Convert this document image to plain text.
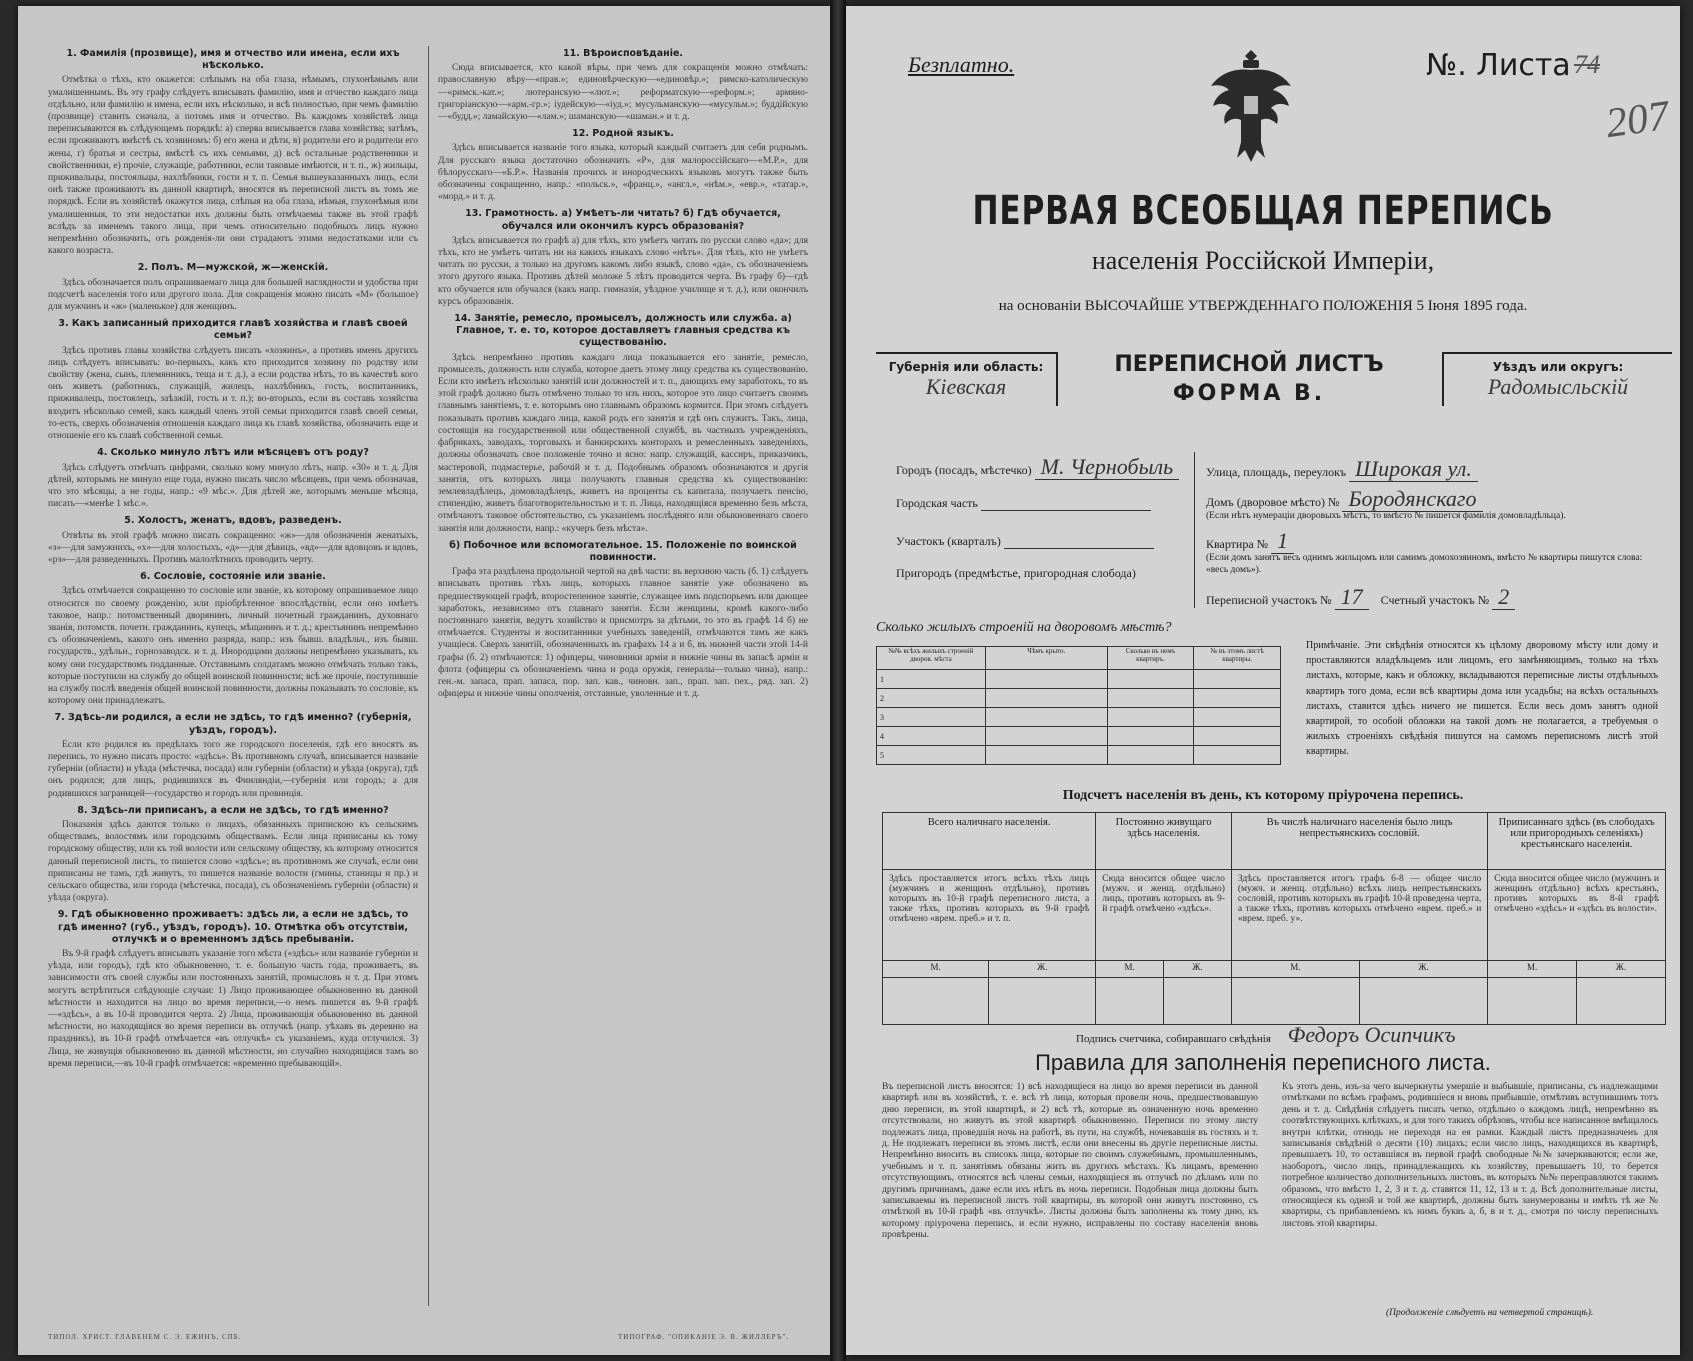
1. Фамилія (прозвище), имя и отчество или имена, если ихъ нѣсколько.

Отмѣтка о тѣхъ, кто окажется: слѣпымъ на оба глаза, нѣмымъ, глухонѣмымъ или умалишеннымъ. Въ эту графу слѣдуетъ вписывать фамилію, имя и отчество каждаго лица отдѣльно, или фамилію и имена, если ихъ нѣсколько, и всѣ полностью, при чемъ фамилію (прозвище) ставить сначала, а потомъ имя и отчество. Въ каждомъ хозяйствѣ лица переписываются въ слѣдующемъ порядкѣ: а) сперва вписывается глава хозяйства; затѣмъ, если проживаютъ вмѣстѣ съ хозяиномъ: б) его жена и дѣти, в) родители его и родители его жены, г) братья и сестры, вмѣстѣ съ ихъ семьями, д) всѣ остальные родственники и свойственники, е) прочіе, служащіе, работники, если таковые имѣются, и т. п., ж) жильцы, приживальцы, постояльцы, нахлѣбники, гости и т. п. Семья вышеуказанныхъ лицъ, если онѣ также проживаютъ въ данной квартирѣ, вносятся въ переписной листъ въ томъ же порядкѣ. Если въ хозяйствѣ окажутся лица, слѣпыя на оба глаза, нѣмыя, глухонѣмыя или умалишенныя, то эти недостатки ихъ должны быть отмѣчаемы также въ этой графѣ вслѣдъ за именемъ такого лица, при чемъ относительно подобныхъ лицъ нужно непремѣнно обозначить, отъ рожденія-ли они страдаютъ этими недостатками или съ какого возраста.

2. Полъ. М—мужской, ж—женскій.

Здѣсь обозначается полъ опрашиваемаго лица для большей наглядности и удобства при подсчетѣ населенія того или другого пола. Для сокращенія можно писать «М» (большое) для мужчинъ и «ж» (маленькое) для женщинъ.

3. Какъ записанный приходится главѣ хозяйства и главѣ своей семьи?

Здѣсь противъ главы хозяйства слѣдуетъ писать «хозяинъ», а противъ именъ другихъ лицъ слѣдуетъ вписывать: во-первыхъ, какъ кто приходится хозяину по родству или свойству (жена, сынъ, племянникъ, теща и т. д.), а если родства нѣтъ, то въ качествѣ кого онъ живетъ (работникъ, служащій, жилецъ, нахлѣбникъ, гость, воспитанникъ, приживалецъ, постоялецъ, заѣзжій, гость и т. п.); во-вторыхъ, если въ составъ хозяйства входитъ нѣсколько семей, какъ каждый членъ этой семьи приходится главѣ своей семьи, то-есть, сверхъ обозначенія отношенія каждаго лица къ главѣ хозяйства, обозначить еще и отношеніе его къ главѣ собственной семьи.

4. Сколько минуло лѣтъ или мѣсяцевъ отъ роду?

Здѣсь слѣдуетъ отмѣчать цифрами, сколько кому минуло лѣтъ, напр. «30» и т. д. Для дѣтей, которымъ не минуло еще года, нужно писать число мѣсяцевъ, при чемъ обозначая, что это мѣсяцы, а не годы, напр.: «9 мѣс.». Для дѣтей же, которымъ меньше мѣсяца, писать—«менѣе 1 мѣс.».

5. Холостъ, женатъ, вдовъ, разведенъ.

Отвѣты въ этой графѣ можно писать сокращенно: «ж»—для обозначенія женатыхъ, «з»—для замужнихъ, «х»—для холостыхъ, «д»—для дѣвицъ, «вд»—для вдовцовъ и вдовъ, «рз»—для разведенныхъ. Противъ малолѣтнихъ проводить черту.

6. Сословіе, состояніе или званіе.

Здѣсь отмѣчается сокращенно то сословіе или званіе, къ которому опрашиваемое лицо относится по своему рожденію, или пріобрѣтенное впослѣдствіи, если оно имѣетъ таковое, напр.: потомственный дворянинъ, личный почетный гражданинъ, духовнаго званія, потомств. почетн. гражданинъ, купецъ, мѣщанинъ и т. д.; крестьянинъ непремѣнно съ обозначеніемъ, какого онъ именно разряда, напр.: изъ бывш. владѣльч., изъ бывш. государств., удѣльн., горнозаводск. и т. д. Инородцами должны непремѣнно указывать, къ кому они государствомъ подданные. Отставнымъ солдатамъ можно отмѣчать только такъ, которые поступили на службу до общей воинской повинности; всѣ же прочіе, поступившіе на службу послѣ введенія общей воинской повинности, должны показывать то сословіе, къ которому они принадлежатъ.

7. Здѣсь-ли родился, а если не здѣсь, то гдѣ именно? (губернія, уѣздъ, городъ).

Если кто родился въ предѣлахъ того же городского поселенія, гдѣ его вносятъ въ перепись, то нужно писать просто: «здѣсь». Въ противномъ случаѣ, вписывается названіе губерніи (области) и уѣзда (мѣстечка, посада) или губерніи (области) и уѣзда (округа), гдѣ онъ родился; для лицъ, родившихся въ Финляндіи,—губернія или городъ; а для родившихся заграницей—государство и городъ или провинція.

8. Здѣсь-ли приписанъ, а если не здѣсь, то гдѣ именно?

Показанія здѣсь даются только о лицахъ, обязанныхъ припискою къ сельскимъ обществамъ, волостямъ или городскимъ обществамъ. Если лица приписаны къ тому городскому обществу, или къ той волости или сельскому обществу, къ которому относится данный переписной листъ, то пишется слово «здѣсь»; въ противномъ же случаѣ, если они приписаны не тамъ, гдѣ живутъ, то пишется названіе волости (гмины, станицы и пр.) и сельскаго общества, или города (мѣстечка, посада), съ обозначеніемъ губерніи (области) и уѣзда (округа).

9. Гдѣ обыкновенно проживаетъ: здѣсь ли, а если не здѣсь, то гдѣ именно? (губ., уѣздъ, городъ). 10. Отмѣтка объ отсутствіи, отлучкѣ и о временномъ здѣсь пребываніи.

Въ 9-й графѣ слѣдуетъ вписывать указаніе того мѣста («здѣсь» или названіе губерніи и уѣзда, или городъ), гдѣ кто обыкновенно, т. е. большую часть года, проживаетъ, въ зависимости отъ своей службы или постоянныхъ занятій, промысловъ и т. д. При этомъ могутъ встрѣтиться слѣдующіе случаи: 1) Лицо проживающее обыкновенно въ данной мѣстности и находится на лицо во время переписи,—о немъ пишется въ 9-й графѣ—«здѣсь», а въ 10-й проводится черта. 2) Лица, проживающія обыкновенно въ данной мѣстности, но находящіяся во время переписи въ отлучкѣ (напр. уѣхавъ въ деревню на праздникъ), въ 10-й графѣ отмѣчается «въ отлучкѣ» съ указаніемъ, куда отлучился. 3) Лица, не живущія обыкновенно въ данной мѣстности, но случайно находящіяся тамъ во время переписи,—въ 10-й графѣ отмѣчается: «временно пребывающій».

11. Вѣроисповѣданіе.

Сюда вписывается, кто какой вѣры, при чемъ для сокращенія можно отмѣчать: православную вѣру—«прав.»; единовѣрческую—«единовѣр.»; римско-католическую—«римск.-кат.»; лютеранскую—«лют.»; реформатскую—«реформ.»; армяно-григоріанскую—«арм.-гр.»; іудейскую—«іуд.»; мусульманскую—«мусульм.»; буддійскую—«будд.»; ламайскую—«лам.»; шаманскую—«шаман.» и т. д.

12. Родной языкъ.

Здѣсь вписывается названіе того языка, который каждый считаетъ для себя роднымъ. Для русскаго языка достаточно обозначить «Р», для малороссійскаго—«М.Р.», для бѣлорусскаго—«Б.Р.». Названія прочихъ и инородческихъ языковъ могутъ также быть обозначены сокращенно, напр.: «польск.», «франц.», «англ.», «нѣм.», «евр.», «татар.», «морд.» и т. д.

13. Грамотность. а) Умѣетъ-ли читать? б) Гдѣ обучается, обучался или окончилъ курсъ образованія?

Здѣсь вписывается по графѣ а) для тѣхъ, кто умѣетъ читать по русски слово «да»; для тѣхъ, кто не умѣетъ читать ни на какихъ языкахъ слово «нѣтъ». Для тѣхъ, кто не умѣетъ читать по русски, а только на другомъ какомъ либо языкѣ, слово «да», съ обозначеніемъ этого другого языка. Противъ дѣтей моложе 5 лѣтъ проводится черта. Въ графу б)—гдѣ кто обучается или обучался (какъ напр. гимназія, уѣздное училище и т. д.), или окончилъ курсъ образованія.

14. Занятіе, ремесло, промыселъ, должность или служба. а) Главное, т. е. то, которое доставляетъ главныя средства къ существованію.

Здѣсь непремѣнно противъ каждаго лица показывается его занятіе, ремесло, промыселъ, должность или служба, которое даетъ этому лицу средства къ существованію. Если кто имѣетъ нѣсколько занятій или должностей и т. п., дающихъ ему заработокъ, то въ этой графѣ должно быть отмѣчено только то изъ нихъ, которое это лицо считаетъ своимъ главнымъ занятіемъ, т. е. которымъ оно главнымъ образомъ кормится. При этомъ слѣдуетъ показывать противъ каждаго лица, какой родъ его занятія и гдѣ онъ служитъ. Такъ, лица, состоящія на государственной или общественной службѣ, въ частныхъ учрежденіяхъ, фабрикахъ, заводахъ, торговыхъ и банкирскихъ конторахъ и ремесленныхъ заведеніяхъ, должны обозначать свое положеніе точно и ясно: напр. служащій, кассиръ, приказчикъ, мастеровой, подмастерье, рабочій и т. д. Подобнымъ образомъ обозначаются и другія занятія, отъ которыхъ лица получаютъ главныя средства къ существованію: землевладѣлецъ, домовладѣлецъ, живетъ на проценты съ капитала, получаетъ пенсію, стипендію, живетъ благотворительностью и т. п. Лица, находящіяся временно безъ мѣста, отмѣчаютъ таковое обстоятельство, съ указаніемъ послѣдняго или обыкновеннаго своего занятія или должности, напр.: «кучеръ безъ мѣста».

б) Побочное или вспомогательное. 15. Положеніе по воинской повинности.

Графа эта раздѣлена продольной чертой на двѣ части: въ верхнюю часть (б. 1) слѣдуетъ вписывать противъ тѣхъ лицъ, которыхъ главное занятіе уже обозначено въ предшествующей графѣ, второстепенное занятіе, служащее имъ подспорьемъ или дающее заработокъ, независимо отъ главнаго занятія. Если женщины, кромѣ какого-либо постояннаго занятія, ведутъ хозяйство и присмотръ за дѣтьми, то это въ графѣ 14 б) не отмѣчается. Студенты и воспитанники учебныхъ заведеній, отмѣчаются тамъ же какъ учащіеся. Сверхъ занятій, обозначенныхъ въ графахъ 14 а и б, въ нижней части этой 14-й графы (б. 2) отмѣчаются: 1) офицеры, чиновники арміи и нижніе чины въ запасѣ арміи и флота (офицеры съ обозначеніемъ чина и рода оружія, генералы—только чина), напр.: ген.-м. запаса, прап. запаса, пор. зап. кав., чиновн. зап., прап. зап. пех., ряд. зап. 2) офицеры и нижніе чины ополченія, отставные, уволенные и т. д.

ТИПОЛ. ХРИСТ. ГЛАВЕНЕМ С. Э. ЕЖИНЪ, СПБ.	ТИПОГРАФ. "ОПИКАНІЕ Э. В. ЖИЛЛЕРЪ".
Безплатно.	№. Листа 74
207
ПЕРВАЯ ВСЕОБЩАЯ ПЕРЕПИСЬ
населенія Россійской Имперіи,
на основаніи ВЫСОЧАЙШЕ УТВЕРЖДЕННАГО ПОЛОЖЕНІЯ 5 Іюня 1895 года.
Губернія или область:
Кіевская
ПЕРЕПИСНОЙ ЛИСТЪ
ФОРМА В.
Уѣздъ или округъ:
Радомысльскій
Городъ (посадъ, мѣстечко) М. Чернобыль
Городская часть
Участокъ (кварталъ)
Пригородъ (предмѣстье, пригородная слобода)
Улица, площадь, переулокъ Широкая ул.
Домъ (дворовое мѣсто) № Бородянскаго
(Если нѣтъ нумераціи дворовыхъ мѣстъ, то вмѣсто № пишется фамилія домовладѣльца).
Квартира № 1
(Если домъ занятъ весь однимъ жильцомъ или самимъ домохозяиномъ, вмѣсто № квартиры пишутся слова: «весь домъ»).
Переписной участокъ № 17 Счетный участокъ № 2
Сколько жилыхъ строеній на дворовомъ мѣстѣ?
№№ всѣхъ жилыхъ строеній дворов. мѣста	Чѣмъ крыто.	Сколько въ немъ квартиръ.	№ въ этомъ листѣ квартиры.
1			
2			
3			
4			
5			
Примѣчаніе. Эти свѣдѣнія относятся къ цѣлому дворовому мѣсту или дому и проставляются владѣльцемъ или лицомъ, его замѣняющимъ, только на тѣхъ листахъ, которые, какъ и обложку, вкладываются переписные листы отдѣльныхъ квартиръ того дома, если всѣ квартиры дома или усадьбы; на всѣхъ остальныхъ листахъ, ставится здѣсь ничего не пишется. Если весь домъ занятъ одной квартирой, то особой обложки на такой домъ не полагается, а требуемыя о жилыхъ строеніяхъ свѣдѣнія пишутся на самомъ переписномъ листѣ этой квартиры.
Подсчетъ населенія въ день, къ которому пріурочена перепись.
Всего наличнаго населенія.		Постоянно живущаго здѣсь населенія.		Въ числѣ наличнаго населенія было лицъ непрестьянскихъ сословій.		Приписаннаго здѣсь (въ слободахъ или пригородныхъ селеніяхъ) крестьянскаго населенія.	
Здѣсь проставляется итогъ всѣхъ тѣхъ лицъ (мужчинъ и женщинъ отдѣльно), противъ которыхъ въ 10-й графѣ переписного листа, а также тѣхъ, противъ которыхъ въ 9-й графѣ отмѣчено «врем. преб.» и т. п.		Сюда вносится общее число (мужч. и женщ. отдѣльно) лицъ, противъ которыхъ въ 9-й графѣ отмѣчено «здѣсь».		Здѣсь проставляется итогъ графъ 6-8 — общее число (мужч. и женщ. отдѣльно) всѣхъ лицъ непрестьянскихъ сословій, противъ которыхъ въ графѣ 10-й проведена черта, а также тѣхъ, противъ которыхъ отмѣчено «врем. преб.» и «врем. преб. у».		Сюда вносится общее число (мужчинъ и женщинъ отдѣльно) всѣхъ крестьянъ, противъ которыхъ въ 8-й графѣ отмѣчено «здѣсь» и «здѣсь въ волости».	
М.	Ж.	М.	Ж.	М.	Ж.	М.	Ж.

Подпись счетчика, собиравшаго свѣдѣнія Федоръ Осипчикъ
Правила для заполненія переписного листа.
Въ переписной листъ вносятся: 1) всѣ находящіеся на лицо во время переписи въ данной квартирѣ или въ хозяйствѣ, т. е. всѣ тѣ лица, которыя провели ночь, предшествовавшую дню переписи, въ этой квартирѣ, и 2) всѣ тѣ, которые въ означенную ночь временно отсутствовали, но живутъ въ этой квартирѣ обыкновенно. Переписи по этому листу подлежатъ лица, проведшія ночь на работѣ, въ пути, на службѣ, ночевавшія въ гостяхъ и т. д. Не подлежатъ переписи въ этомъ листѣ, если они внесены въ другіе переписные листы. Непремѣнно вносить въ списокъ лица, которые по своимъ служебнымъ, промышленнымъ, учебнымъ и т. п. занятіямъ обязаны жить въ другихъ мѣстахъ. Къ лицамъ, временно отсутствующимъ, относятся всѣ члены семьи, находящіеся въ отлучкѣ по дѣламъ или по другимъ причинамъ, даже если ихъ нѣтъ въ ночь переписи. Подобныя лица должны быть записываемы въ переписной листъ той квартиры, въ которой они живутъ постоянно, съ отмѣткой въ 10-й графѣ «въ отлучкѣ». Листы должны быть заполнены къ тому дню, къ которому пріурочена перепись, и если нужно, исправлены по составу населенія вновь провѣрены.
Къ этотъ день, изъ-за чего вычеркнуты умершіе и выбывшіе, приписаны, съ надлежащими отмѣтками по всѣмъ графамъ, родившіеся и вновь прибывшіе, отмѣтивъ вступившимъ тотъ день и т. д. Свѣдѣнія слѣдуетъ писать четко, отдѣльно о каждомъ лицѣ, непремѣнно въ соотвѣтствующихъ клѣткахъ, и для того такихъ обрѣзовъ, чтобы все написанное вмѣщалось внутри клѣтки, отнюдь не переходя на ея рамки. Каждый листъ предназначенъ для записыванія свѣдѣній о десяти (10) лицахъ; если число лицъ, находящихся въ квартирѣ, превышаетъ 10, то оставшіяся въ первой графѣ свободные №№ зачеркиваются; если же, наоборотъ, число лицъ, принадлежащихъ къ хозяйству, превышаетъ 10, то берется потребное количество дополнительныхъ листовъ, въ которыхъ №№ переправляются такимъ образомъ, что вмѣсто 1, 2, 3 и т. д. ставятся 11, 12, 13 и т. д. Всѣ дополнительные листы, относящіеся къ одной и той же квартирѣ, должны быть занумерованы и имѣть тѣ же № квартиры, съ прибавленіемъ къ нимъ буквъ а, б, в и т. д., смотря по числу переписныхъ листовъ этой квартиры.
(Продолженіе слѣдуетъ на четвертой страницѣ).
